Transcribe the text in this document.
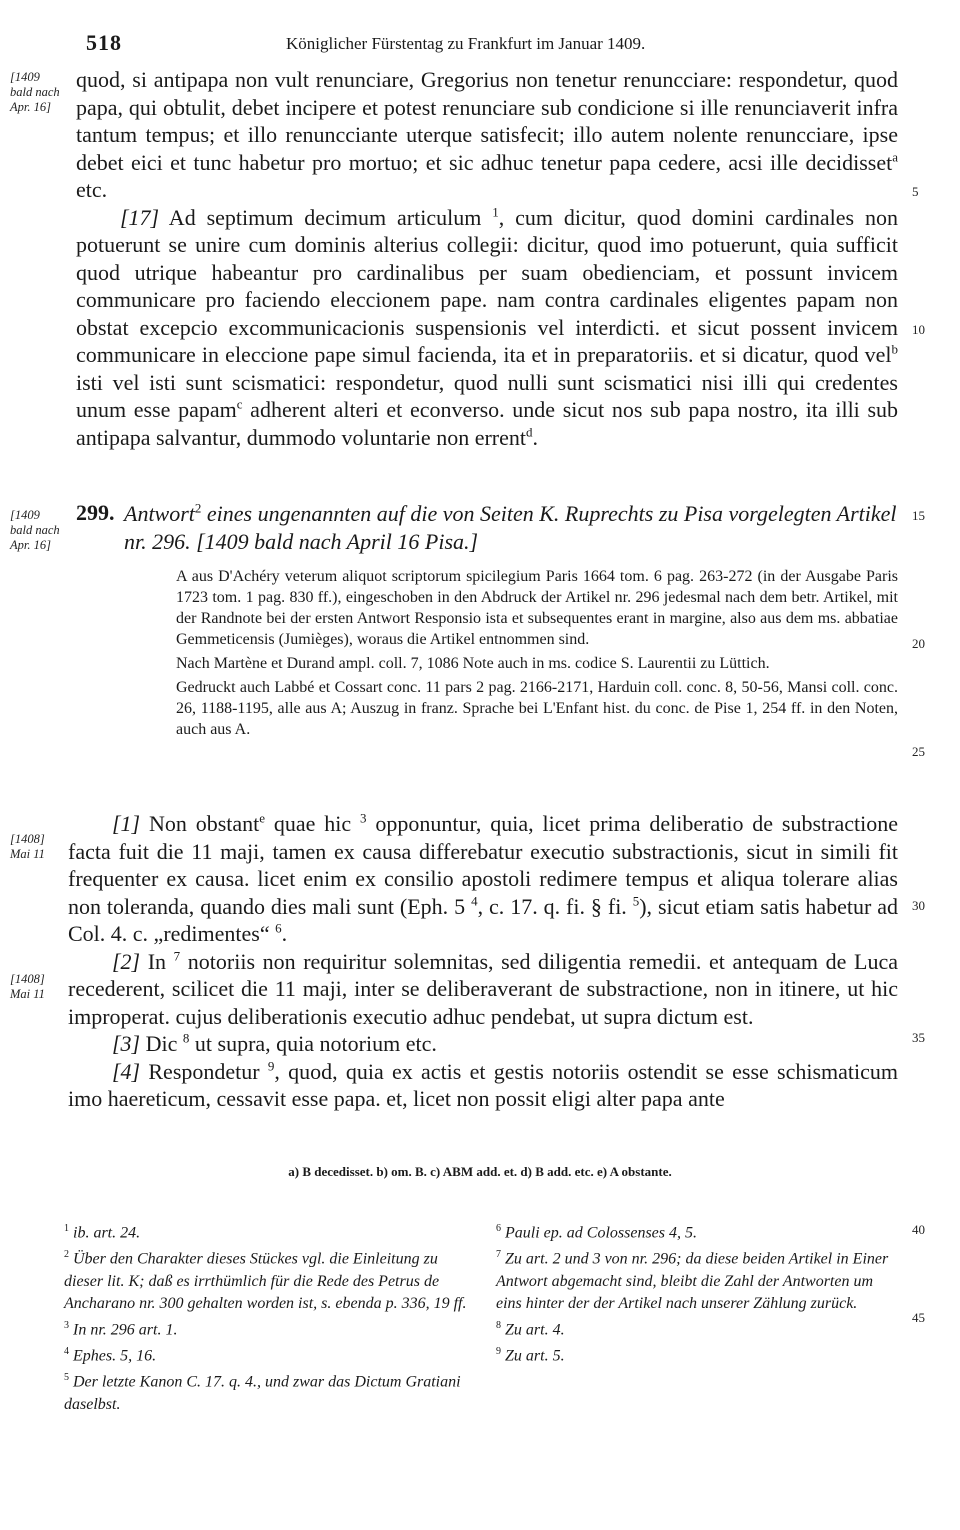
518	Königlicher Fürstentag zu Frankfurt im Januar 1409.
[1409 bald nach Apr. 16]
[1409 bald nach Apr. 16]
[1408] Mai 11
[1408] Mai 11
5
10
15
20
25
30
35
40
45

quod, si antipapa non vult renunciare, Gregorius non tenetur renuncciare: respondetur, quod papa, qui obtulit, debet incipere et potest renunciare sub condicione si ille renunciaverit infra tantum tempus; et illo renuncciante uterque satisfecit; illo autem nolente renuncciare, ipse debet eici et tunc habetur pro mortuo; et sic adhuc tenetur papa cedere, acsi ille decidisset$^a$ etc.

[17] Ad septimum decimum articulum $^1$, cum dicitur, quod domini cardinales non potuerunt se unire cum dominis alterius collegii: dicitur, quod imo potuerunt, quia sufficit quod utrique habeantur pro cardinalibus per suam obedienciam, et possunt invicem communicare pro faciendo eleccionem pape. nam contra cardinales eligentes papam non obstat excepcio excommunicacionis suspensionis vel interdicti. et sicut possent invicem communicare in eleccione pape simul facienda, ita et in preparatoriis. et si dicatur, quod vel$^b$ isti vel isti sunt scismatici: respondetur, quod nulli sunt scismatici nisi illi qui credentes unum esse papam$^c$ adherent alteri et econverso. unde sicut nos sub papa nostro, ita illi sub antipapa salvantur, dummodo voluntarie non errent$^d$.

299. Antwort$^2$ eines ungenannten auf die von Seiten K. Ruprechts zu Pisa vorgelegten Artikel nr. 296. [1409 bald nach April 16 Pisa.]

A aus D'Achéry veterum aliquot scriptorum spicilegium Paris 1664 tom. 6 pag. 263-272 (in der Ausgabe Paris 1723 tom. 1 pag. 830 ff.), eingeschoben in den Abdruck der Artikel nr. 296 jedesmal nach dem betr. Artikel, mit der Randnote bei der ersten Antwort Responsio ista et subsequentes erant in margine, also aus dem ms. abbatiae Gemmeticensis (Jumièges), woraus die Artikel entnommen sind.

Nach Martène et Durand ampl. coll. 7, 1086 Note auch in ms. codice S. Laurentii zu Lüttich.

Gedruckt auch Labbé et Cossart conc. 11 pars 2 pag. 2166-2171, Harduin coll. conc. 8, 50-56, Mansi coll. conc. 26, 1188-1195, alle aus A; Auszug in franz. Sprache bei L'Enfant hist. du conc. de Pise 1, 254 ff. in den Noten, auch aus A.

[1] Non obstant$^e$ quae hic $^3$ opponuntur, quia, licet prima deliberatio de substractione facta fuit die 11 maji, tamen ex causa differebatur executio substractionis, sicut in simili fit frequenter ex causa. licet enim ex consilio apostoli redimere tempus et aliqua tolerare alias non toleranda, quando dies mali sunt (Eph. 5 $^4$, c. 17. q. fi. § fi. $^5$), sicut etiam satis habetur ad Col. 4. c. „redimentes“ $^6$.

[2] In $^7$ notoriis non requiritur solemnitas, sed diligentia remedii. et antequam de Luca recederent, scilicet die 11 maji, inter se deliberaverant de substractione, non in itinere, ut hic improperat. cujus deliberationis executio adhuc pendebat, ut supra dictum est.

[3] Dic $^8$ ut supra, quia notorium etc.

[4] Respondetur $^9$, quod, quia ex actis et gestis notoriis ostendit se esse schismaticum imo haereticum, cessavit esse papa. et, licet non possit eligi alter papa ante

a) B decedisset. b) om. B. c) ABM add. et. d) B add. etc. e) A obstante.

$^1$ ib. art. 24.

$^2$ Über den Charakter dieses Stückes vgl. die Einleitung zu dieser lit. K; daß es irrthümlich für die Rede des Petrus de Ancharano nr. 300 gehalten worden ist, s. ebenda p. 336, 19 ff.

$^3$ In nr. 296 art. 1.

$^4$ Ephes. 5, 16.

$^5$ Der letzte Kanon C. 17. q. 4., und zwar das Dictum Gratiani daselbst.

$^6$ Pauli ep. ad Colossenses 4, 5.

$^7$ Zu art. 2 und 3 von nr. 296; da diese beiden Artikel in Einer Antwort abgemacht sind, bleibt die Zahl der Antworten um eins hinter der der Artikel nach unserer Zählung zurück.

$^8$ Zu art. 4.

$^9$ Zu art. 5.
